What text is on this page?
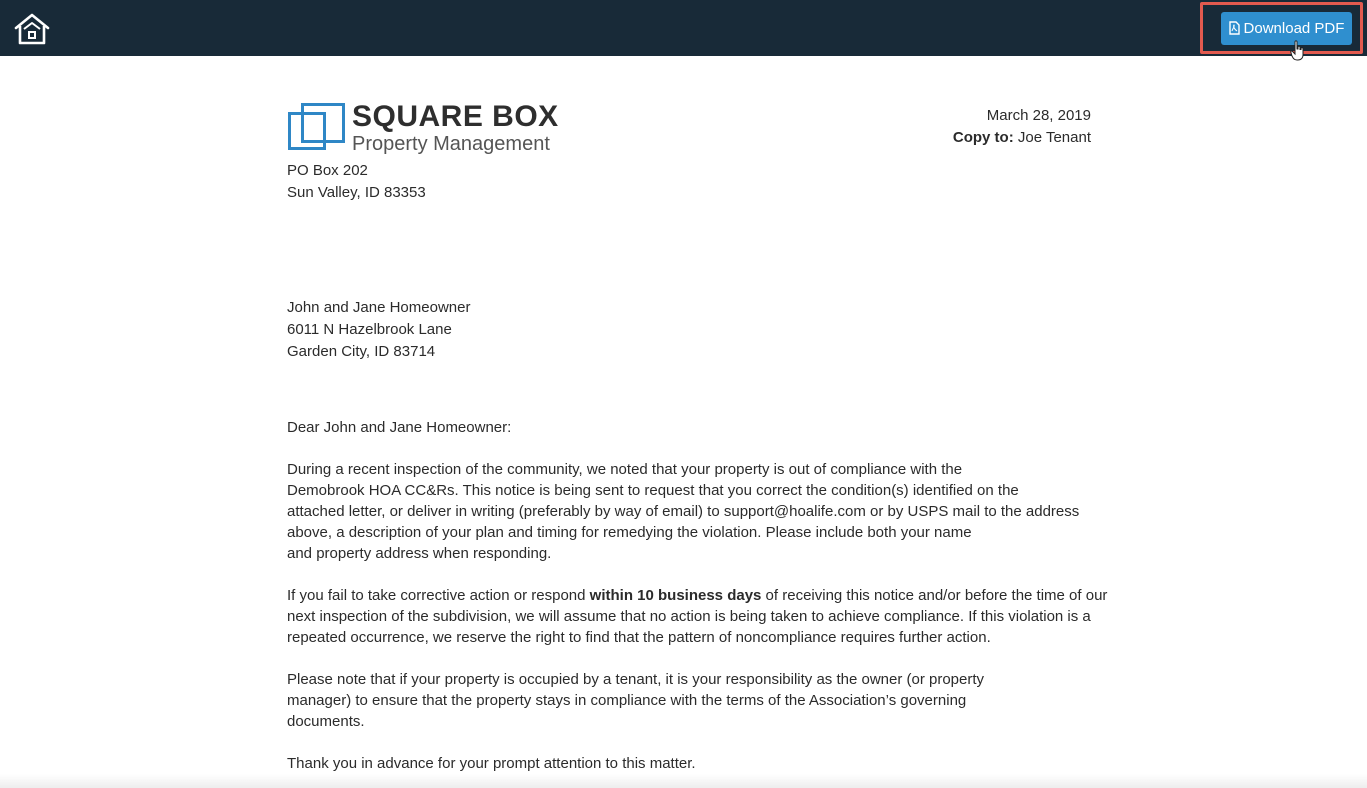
Download PDF
SQUARE BOX
Property Management
PO Box 202
Sun Valley, ID 83353
March 28, 2019
Copy to: Joe Tenant
John and Jane Homeowner
6011 N Hazelbrook Lane
Garden City, ID 83714
Dear John and Jane Homeowner:
During a recent inspection of the community, we noted that your property is out of compliance with the
Demobrook HOA CC&Rs. This notice is being sent to request that you correct the condition(s) identified on the
attached letter, or deliver in writing (preferably by way of email) to support@hoalife.com or by USPS mail to the address
above, a description of your plan and timing for remedying the violation. Please include both your name
and property address when responding.
If you fail to take corrective action or respond within 10 business days of receiving this notice and/or before the time of our
next inspection of the subdivision, we will assume that no action is being taken to achieve compliance. If this violation is a
repeated occurrence, we reserve the right to find that the pattern of noncompliance requires further action.
Please note that if your property is occupied by a tenant, it is your responsibility as the owner (or property
manager) to ensure that the property stays in compliance with the terms of the Association’s governing
documents.
Thank you in advance for your prompt attention to this matter.
